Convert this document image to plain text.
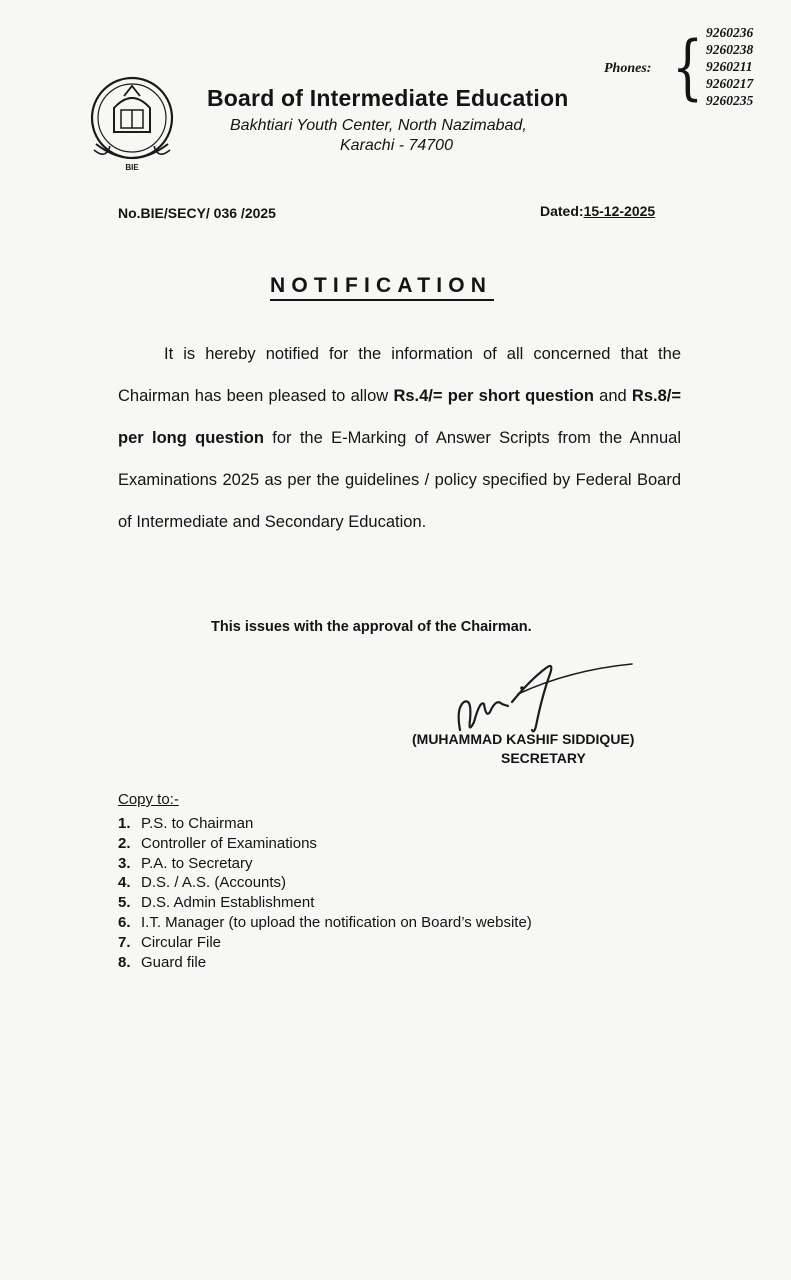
BIE
Board of Intermediate Education
Bakhtiari Youth Center, North Nazimabad,
Karachi - 74700
Phones: { 9260236
9260238
9260211
9260217
9260235
No.BIE/SECY/ 036 /2025	Dated:15-12-2025
NOTIFICATION

It is hereby notified for the information of all concerned that the Chairman has been pleased to allow Rs.4/= per short question and Rs.8/= per long question for the E-Marking of Answer Scripts from the Annual Examinations 2025 as per the guidelines / policy specified by Federal Board of Intermediate and Secondary Education.

This issues with the approval of the Chairman.
(MUHAMMAD KASHIF SIDDIQUE)
SECRETARY
Copy to:-
1. P.S. to Chairman
2. Controller of Examinations
3. P.A. to Secretary
4. D.S. / A.S. (Accounts)
5. D.S. Admin Establishment
6. I.T. Manager (to upload the notification on Board’s website)
7. Circular File
8. Guard file
